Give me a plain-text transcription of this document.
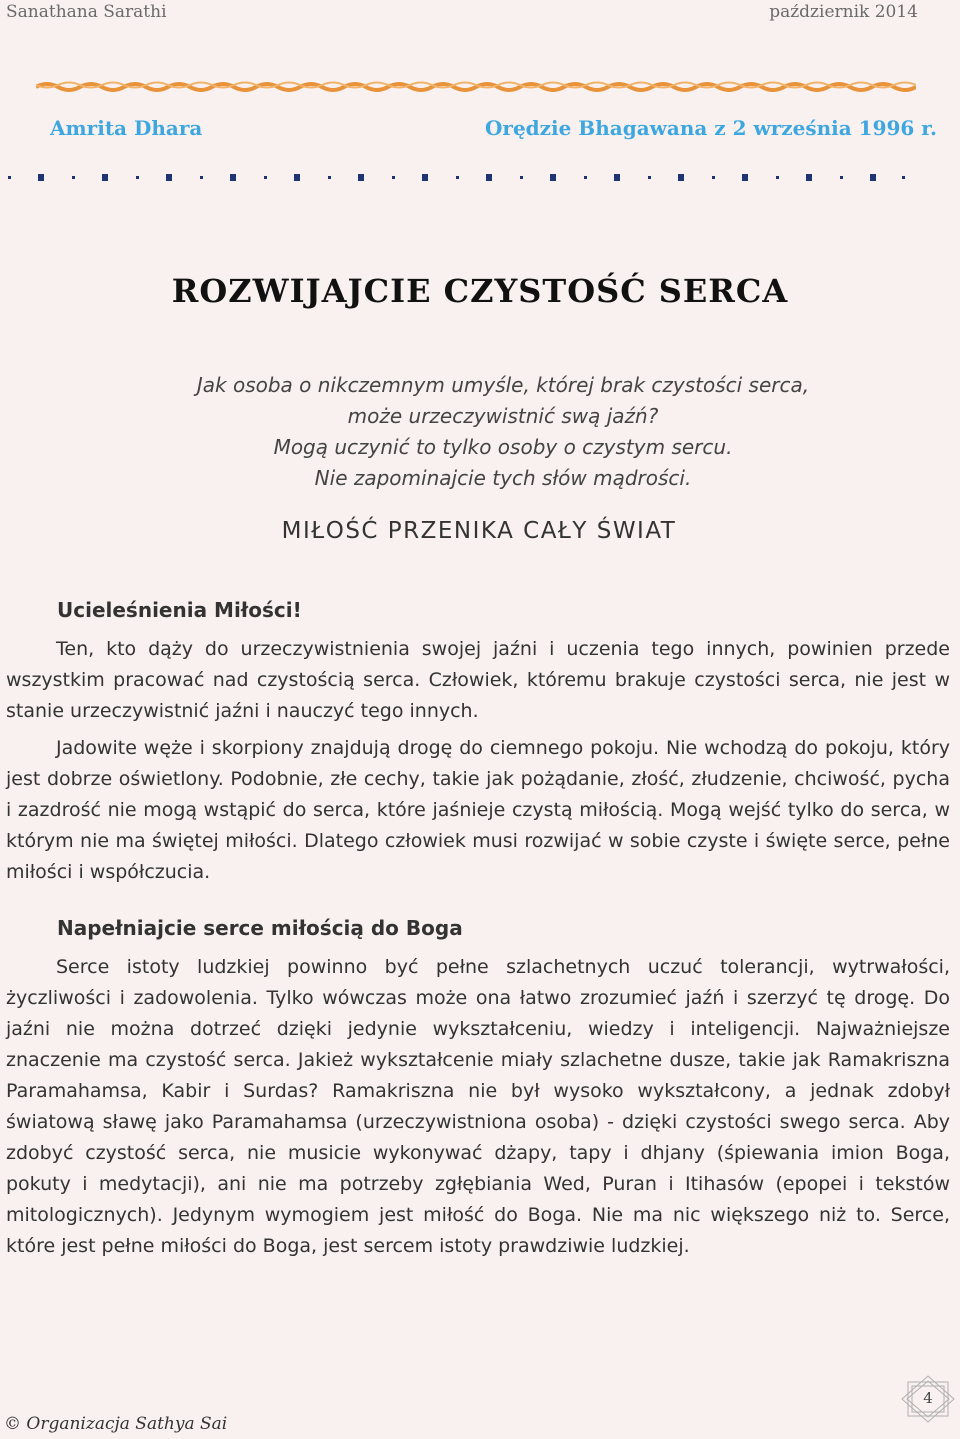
Sanathana Sarathi	październik 2014
Amrita Dhara	Orędzie Bhagawana z 2 września 1996 r.
ROZWIJAJCIE CZYSTOŚĆ SERCA
Jak osoba o nikczemnym umyśle, której brak czystości serca,
może urzeczywistnić swą jaźń?
Mogą uczynić to tylko osoby o czystym sercu.
Nie zapominajcie tych słów mądrości.
MIŁOŚĆ PRZENIKA CAŁY ŚWIAT
Ucieleśnienia Miłości!

Ten, kto dąży do urzeczywistnienia swojej jaźni i uczenia tego innych, powinien przede wszystkim pracować nad czystością serca. Człowiek, któremu brakuje czystości serca, nie jest w stanie urzeczywistnić jaźni i nauczyć tego innych.

Jadowite węże i skorpiony znajdują drogę do ciemnego pokoju. Nie wchodzą do pokoju, który jest dobrze oświetlony. Podobnie, złe cechy, takie jak pożądanie, złość, złudzenie, chciwość, pycha i zazdrość nie mogą wstąpić do serca, które jaśnieje czystą miłością. Mogą wejść tylko do serca, w którym nie ma świętej miłości. Dlatego człowiek musi rozwijać w sobie czyste i święte serce, pełne miłości i współczucia.

Napełniajcie serce miłością do Boga

Serce istoty ludzkiej powinno być pełne szlachetnych uczuć tolerancji, wytrwałości, życzliwości i zadowolenia. Tylko wówczas może ona łatwo zrozumieć jaźń i szerzyć tę drogę. Do jaźni nie można dotrzeć dzięki jedynie wykształceniu, wiedzy i inteligencji. Najważniejsze znaczenie ma czystość serca. Jakież wykształcenie miały szlachetne dusze, takie jak Ramakriszna Paramahamsa, Kabir i Surdas? Ramakriszna nie był wysoko wykształcony, a jednak zdobył światową sławę jako Paramahamsa (urzeczywistniona osoba) - dzięki czystości swego serca. Aby zdobyć czystość serca, nie musicie wykonywać dżapy, tapy i dhjany (śpiewania imion Boga, pokuty i medytacji), ani nie ma potrzeby zgłębiania Wed, Puran i Itihasów (epopei i tekstów mitologicznych). Jedynym wymogiem jest miłość do Boga. Nie ma nic większego niż to. Serce, które jest pełne miłości do Boga, jest sercem istoty prawdziwie ludzkiej.

© Organizacja Sathya Sai
4
